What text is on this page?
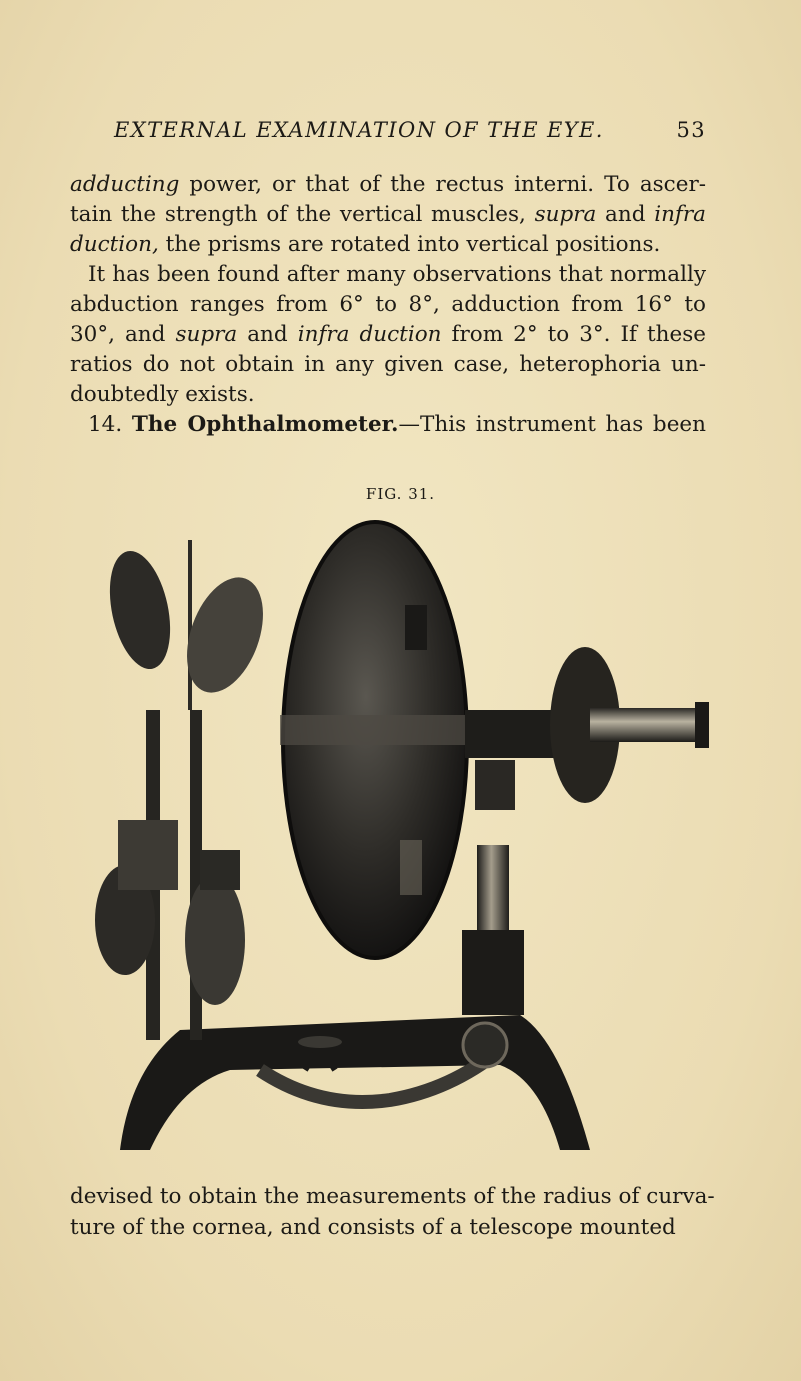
EXTERNAL EXAMINATION OF THE EYE.	53
adducting power, or that of the rectus interni. To ascer-
tain the strength of the vertical muscles, supra and infra
duction, the prisms are rotated into vertical positions.
It has been found after many observations that normally
abduction ranges from 6° to 8°, adduction from 16° to
30°, and supra and infra duction from 2° to 3°. If these
ratios do not obtain in any given case, heterophoria un-
doubtedly exists.
14. The Ophthalmometer.—This instrument has been
FIG. 31.
devised to obtain the measurements of the radius of curva-
ture of the cornea, and consists of a telescope mounted
